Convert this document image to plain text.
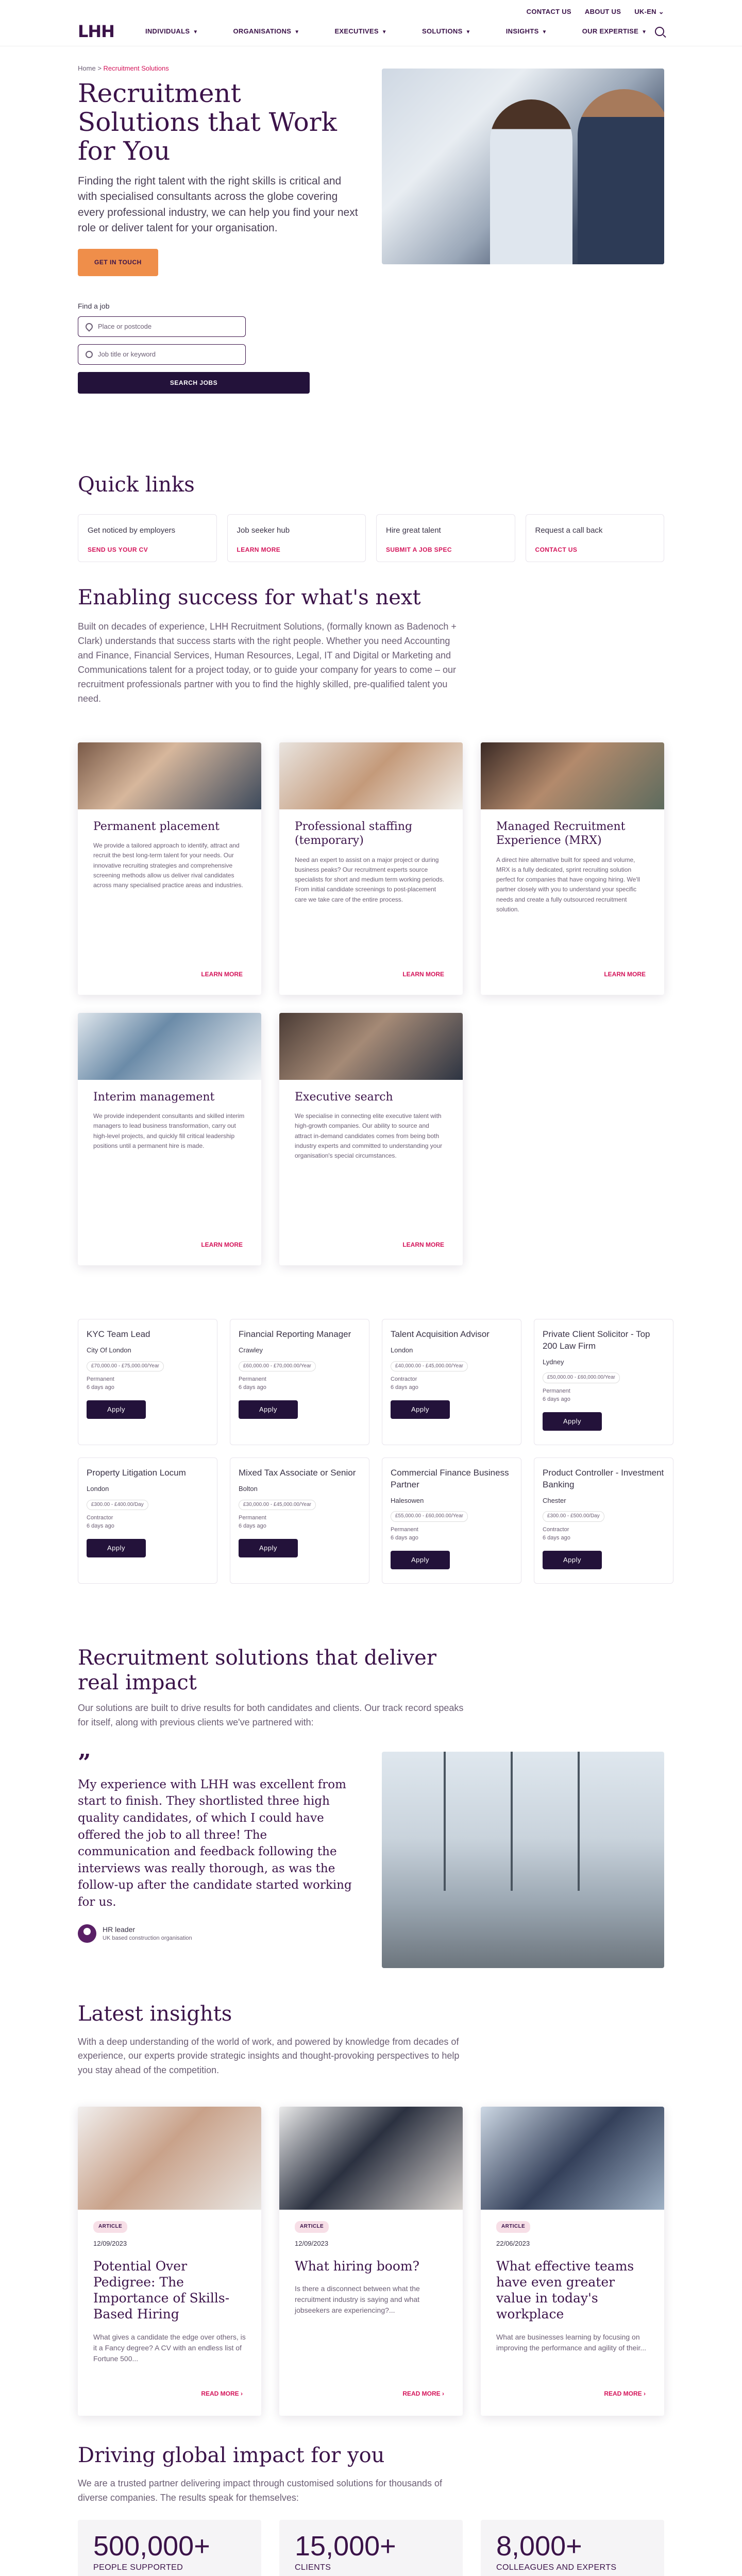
CONTACT US ABOUT US UK-EN ⌄
LHH	INDIVIDUALS ▼	ORGANISATIONS ▼	EXECUTIVES ▼	SOLUTIONS ▼	INSIGHTS ▼	OUR EXPERTISE ▼
Home > Recruitment Solutions
Recruitment Solutions that Work for You

Finding the right talent with the right skills is critical and with specialised consultants across the globe covering every professional industry, we can help you find your next role or deliver talent for your organisation.

GET IN TOUCH
Find a job
Place or postcode
Job title or keyword
SEARCH JOBS
Quick links
Get noticed by employers
SEND US YOUR CV
Job seeker hub
LEARN MORE
Hire great talent
SUBMIT A JOB SPEC
Request a call back
CONTACT US
Enabling success for what's next

Built on decades of experience, LHH Recruitment Solutions, (formally known as Badenoch + Clark) understands that success starts with the right people. Whether you need Accounting and Finance, Financial Services, Human Resources, Legal, IT and Digital or Marketing and Communications talent for a project today, or to guide your company for years to come – our recruitment professionals partner with you to find the highly skilled, pre-qualified talent you need.

Permanent placement

We provide a tailored approach to identify, attract and recruit the best long-term talent for your needs. Our innovative recruiting strategies and comprehensive screening methods allow us deliver rival candidates across many specialised practice areas and industries.

LEARN MORE
Professional staffing (temporary)

Need an expert to assist on a major project or during business peaks? Our recruitment experts source specialists for short and medium term working periods. From initial candidate screenings to post-placement care we take care of the entire process.

LEARN MORE
Managed Recruitment Experience (MRX)

A direct hire alternative built for speed and volume, MRX is a fully dedicated, sprint recruiting solution perfect for companies that have ongoing hiring. We'll partner closely with you to understand your specific needs and create a fully outsourced recruitment solution.

LEARN MORE
Interim management

We provide independent consultants and skilled interim managers to lead business transformation, carry out high-level projects, and quickly fill critical leadership positions until a permanent hire is made.

LEARN MORE
Executive search

We specialise in connecting elite executive talent with high-growth companies. Our ability to source and attract in-demand candidates comes from being both industry experts and committed to understanding your organisation's special circumstances.

LEARN MORE
KYC Team Lead
City Of London
£70,000.00 - £75,000.00/Year
Permanent
6 days ago
Apply
Financial Reporting Manager
Crawley
£60,000.00 - £70,000.00/Year
Permanent
6 days ago
Apply
Talent Acquisition Advisor
London
£40,000.00 - £45,000.00/Year
Contractor
6 days ago
Apply
Private Client Solicitor - Top 200 Law Firm
Lydney
£50,000.00 - £60,000.00/Year
Permanent
6 days ago
Apply
Property Litigation Locum
London
£300.00 - £400.00/Day
Contractor
6 days ago
Apply
Mixed Tax Associate or Senior
Bolton
£30,000.00 - £45,000.00/Year
Permanent
6 days ago
Apply
Commercial Finance Business Partner
Halesowen
£55,000.00 - £60,000.00/Year
Permanent
6 days ago
Apply
Product Controller - Investment Banking
Chester
£300.00 - £500.00/Day
Contractor
6 days ago
Apply
Recruitment solutions that deliver real impact

Our solutions are built to drive results for both candidates and clients. Our track record speaks for itself, along with previous clients we've partnered with:

”
My experience with LHH was excellent from start to finish. They shortlisted three high quality candidates, of which I could have offered the job to all three! The communication and feedback following the interviews was really thorough, as was the follow-up after the candidate started working for us.
HR leader
UK based construction organisation
Latest insights

With a deep understanding of the world of work, and powered by knowledge from decades of experience, our experts provide strategic insights and thought-provoking perspectives to help you stay ahead of the competition.

ARTICLE
12/09/2023
Potential Over Pedigree: The Importance of Skills-Based Hiring

What gives a candidate the edge over others, is it a Fancy degree? A CV with an endless list of Fortune 500...

READ MORE ›
ARTICLE
12/09/2023
What hiring boom?

Is there a disconnect between what the recruitment industry is saying and what jobseekers are experiencing?...

READ MORE ›
ARTICLE
22/06/2023
What effective teams have even greater value in today's workplace

What are businesses learning by focusing on improving the performance and agility of their...

READ MORE ›
Driving global impact for you

We are a trusted partner delivering impact through customised solutions for thousands of diverse companies. The results speak for themselves:

500,000+
PEOPLE SUPPORTED
15,000+
CLIENTS
8,000+
COLLEAGUES AND EXPERTS
